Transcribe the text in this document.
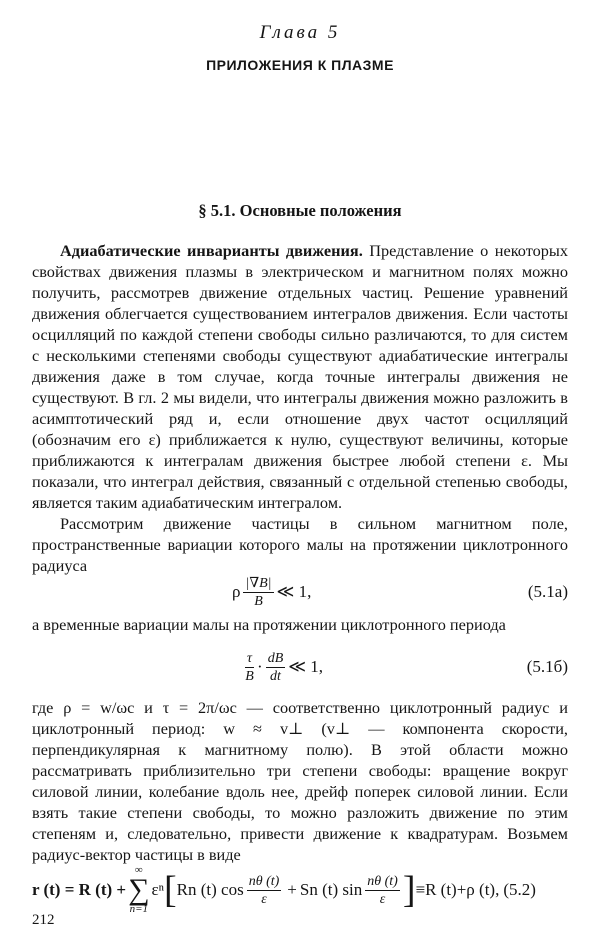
Глава 5
ПРИЛОЖЕНИЯ К ПЛАЗМЕ
§ 5.1. Основные положения

Адиабатические инварианты движения. Представление о некоторых свойствах движения плазмы в электрическом и магнитном полях можно получить, рассмотрев движение отдельных частиц. Решение уравнений движения облегчается существованием интегралов движения. Если частоты осцилляций по каждой степени свободы сильно различаются, то для систем с несколькими степенями свободы существуют адиабатические интегралы движения даже в том случае, когда точные интегралы движения не существуют. В гл. 2 мы видели, что интегралы движения можно разложить в асимптотический ряд и, если отношение двух частот осцилляций (обозначим его ε) приближается к нулю, существуют величины, которые приближаются к интегралам движения быстрее любой степени ε. Мы показали, что интеграл действия, связанный с отдельной степенью свободы, является таким адиабатическим интегралом.

Рассмотрим движение частицы в сильном магнитном поле, пространственные вариации которого малы на протяжении циклотронного радиуса

ρ $\frac{|\nabla B|}{B}$ ≪ 1,	(5.1a)

а временные вариации малы на протяжении циклотронного периода

$\frac{\tau}{B} \cdot \frac{dB}{dt}$ ≪ 1,	(5.1б)

где ρ = w/ωc и τ = 2π/ωc — соответственно циклотронный радиус и циклотронный период: w ≈ v⊥ (v⊥ — компонента скорости, перпендикулярная к магнитному полю). В этой области можно рассматривать приблизительно три степени свободы: вращение вокруг силовой линии, колебание вдоль нее, дрейф поперек силовой линии. Если взять такие степени свободы, то можно разложить движение по этим степеням и, следовательно, привести движение к квадратурам. Возьмем радиус-вектор частицы в виде

r (t) = R (t) +
∞
∑
n=1
εⁿ [ Rn (t) $\cos \frac{n\theta (t)}{\varepsilon} + Sn$ (t) $\sin \frac{n\theta (t)}{\varepsilon}$ ] ≡R (t)+ρ (t), (5.2)
212
